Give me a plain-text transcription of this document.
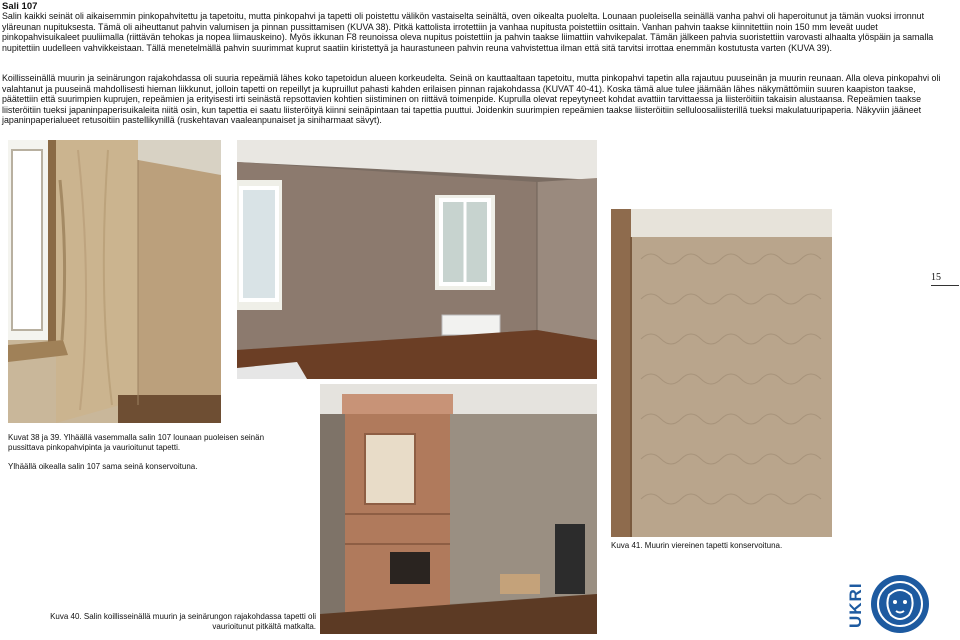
Sali 107

Salin kaikki seinät oli aikaisemmin pinkopahvitettu ja tapetoitu, mutta pinkopahvi ja tapetti oli poistettu välikön vastaiselta seinältä, oven oikealta puolelta. Lounaan puoleisella seinällä vanha pahvi oli haperoitunut ja tämän vuoksi irronnut yläreunan nupituksesta. Tämä oli aiheuttanut pahvin valumisen ja pinnan pussittamisen (KUVA 38). Pitkä kattolista irrotettiin ja vanhaa nupitusta poistettiin osittain. Vanhan pahvin taakse kiinnitettiin noin 150 mm leveät uudet pinkopahvisuikaleet puuliimalla (riittävän tehokas ja nopea liimauskeino). Myös ikkunan F8 reunoissa oleva nupitus poistettiin ja pahvin taakse liimattiin vahvikepalat. Tämän jälkeen pahvia suoristettiin varovasti alhaalta ylöspäin ja samalla nupitettiin uudelleen vahvikkeistaan. Tällä menetelmällä pahvin suurimmat kuprut saatiin kiristettyä ja haurastuneen pahvin reuna vahvistettua ilman että sitä tarvitsi irrottaa enemmän kostutusta varten (KUVA 39).

Koillisseinällä muurin ja seinärungon rajakohdassa oli suuria repeämiä lähes koko tapetoidun alueen korkeudelta. Seinä on kauttaaltaan tapetoitu, mutta pinkopahvi tapetin alla rajautuu puuseinän ja muurin reunaan. Alla oleva pinkopahvi oli valahtanut ja puuseinä mahdollisesti hieman liikkunut, jolloin tapetti on repeillyt ja kupruillut pahasti kahden erilaisen pinnan rajakohdassa (KUVAT 40-41). Koska tämä alue tulee jäämään lähes näkymättömiin suuren kaapiston taakse, päätettiin että suurimpien kuprujen, repeämien ja erityisesti irti seinästä repsottavien kohtien siistiminen on riittävä toimenpide. Kuprulla olevat repeytyneet kohdat avattiin tarvittaessa ja liisteröitiin takaisin alustaansa. Repeämien taakse liisteröitiin tueksi japaninpaperisuikaleita niitä osin, kun tapettia ei saatu liisteröityä kiinni seinäpintaan tai tapettia puuttui. Joidenkin suurimpien repeämien taakse liisteröitiin selluloosaliisterillä tueksi makulatuuripaperia. Näkyviin jääneet japaninpaperialueet retusoitiin pastellikynillä (ruskehtavan vaaleanpunaiset ja siniharmaat sävyt).

Kuvat 38 ja 39. Ylhäällä vasemmalla salin 107 lounaan puoleisen seinän pussittava pinkopahvipinta ja vaurioitunut tapetti.

Ylhäällä oikealla salin 107 sama seinä konservoituna.

Kuva 41. Muurin viereinen tapetti konservoituna.

Kuva 40. Salin koillisseinällä muurin ja seinärungon rajakohdassa tapetti oli vaurioitunut pitkältä matkalta.

15
UKRI
